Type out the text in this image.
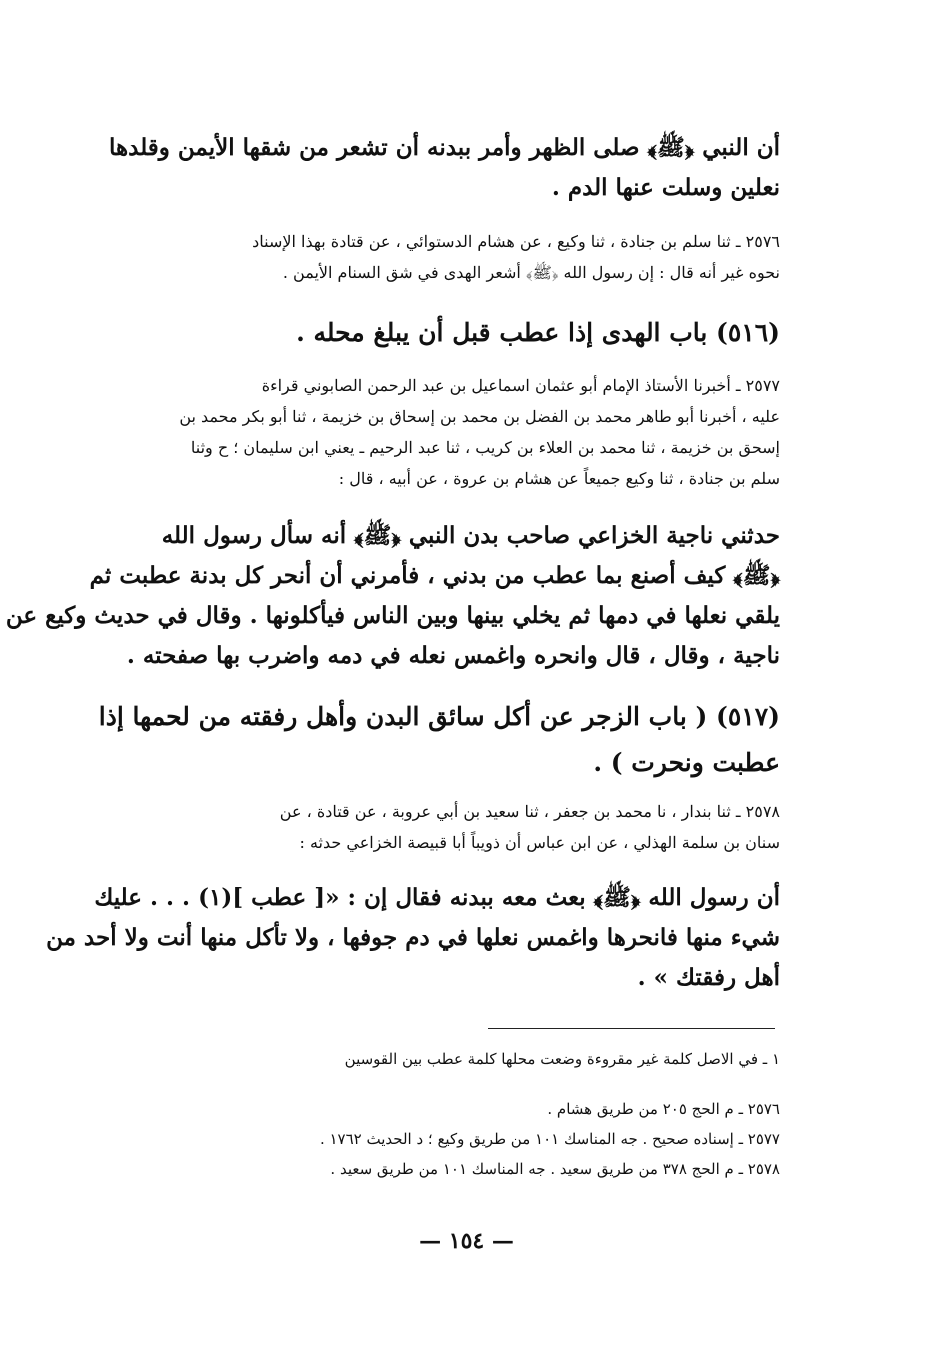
أن النبي ﴿ﷺ﴾ صلى الظهر وأمر ببدنه أن تشعر من شقها الأيمن وقلدها
نعلين وسلت عنها الدم .
٢٥٧٦ ـ ثنا سلم بن جنادة ، ثنا وكيع ، عن هشام الدستوائي ، عن قتادة بهذا الإسناد
نحوه غير أنه قال : إن رسول الله ﴿ﷺ﴾ أشعر الهدى في شق السنام الأيمن .
(٥١٦) باب الهدى إذا عطب قبل أن يبلغ محله .
٢٥٧٧ ـ أخبرنا الأستاذ الإمام أبو عثمان اسماعيل بن عبد الرحمن الصابوني قراءة
عليه ، أخبرنا أبو طاهر محمد بن الفضل بن محمد بن إسحاق بن خزيمة ، ثنا أبو بكر محمد بن
إسحق بن خزيمة ، ثنا محمد بن العلاء بن كريب ، ثنا عبد الرحيم ـ يعني ابن سليمان ؛ ح وثنا
سلم بن جنادة ، ثنا وكيع جميعاً عن هشام بن عروة ، عن أبيه ، قال :
حدثني ناجية الخزاعي صاحب بدن النبي ﴿ﷺ﴾ أنه سأل رسول الله
﴿ﷺ﴾ كيف أصنع بما عطب من بدني ، فأمرني أن أنحر كل بدنة عطبت ثم
يلقي نعلها في دمها ثم يخلي بينها وبين الناس فيأكلونها . وقال في حديث وكيع عن
ناجية ، وقال ، قال وانحره واغمس نعله في دمه واضرب بها صفحته .
(٥١٧) ( باب الزجر عن أكل سائق البدن وأهل رفقته من لحمها إذا
عطبت ونحرت ) .
٢٥٧٨ ـ ثنا بندار ، نا محمد بن جعفر ، ثنا سعيد بن أبي عروبة ، عن قتادة ، عن
سنان بن سلمة الهذلي ، عن ابن عباس أن ذويباً أبا قبيصة الخزاعي حدثه :
أن رسول الله ﴿ﷺ﴾ بعث معه ببدنه فقال إن : «[ عطب ](١) . . . عليك
شيء منها فانحرها واغمس نعلها في دم جوفها ، ولا تأكل منها أنت ولا أحد من
أهل رفقتك » .
١ ـ في الاصل كلمة غير مقروءة وضعت محلها كلمة عطب بين القوسين
٢٥٧٦ ـ م الحج ٢٠٥ من طريق هشام .
٢٥٧٧ ـ إسناده صحيح . جه المناسك ١٠١ من طريق وكيع ؛ د الحديث ١٧٦٢ .
٢٥٧٨ ـ م الحج ٣٧٨ من طريق سعيد . جه المناسك ١٠١ من طريق سعيد .
— ١٥٤ —
